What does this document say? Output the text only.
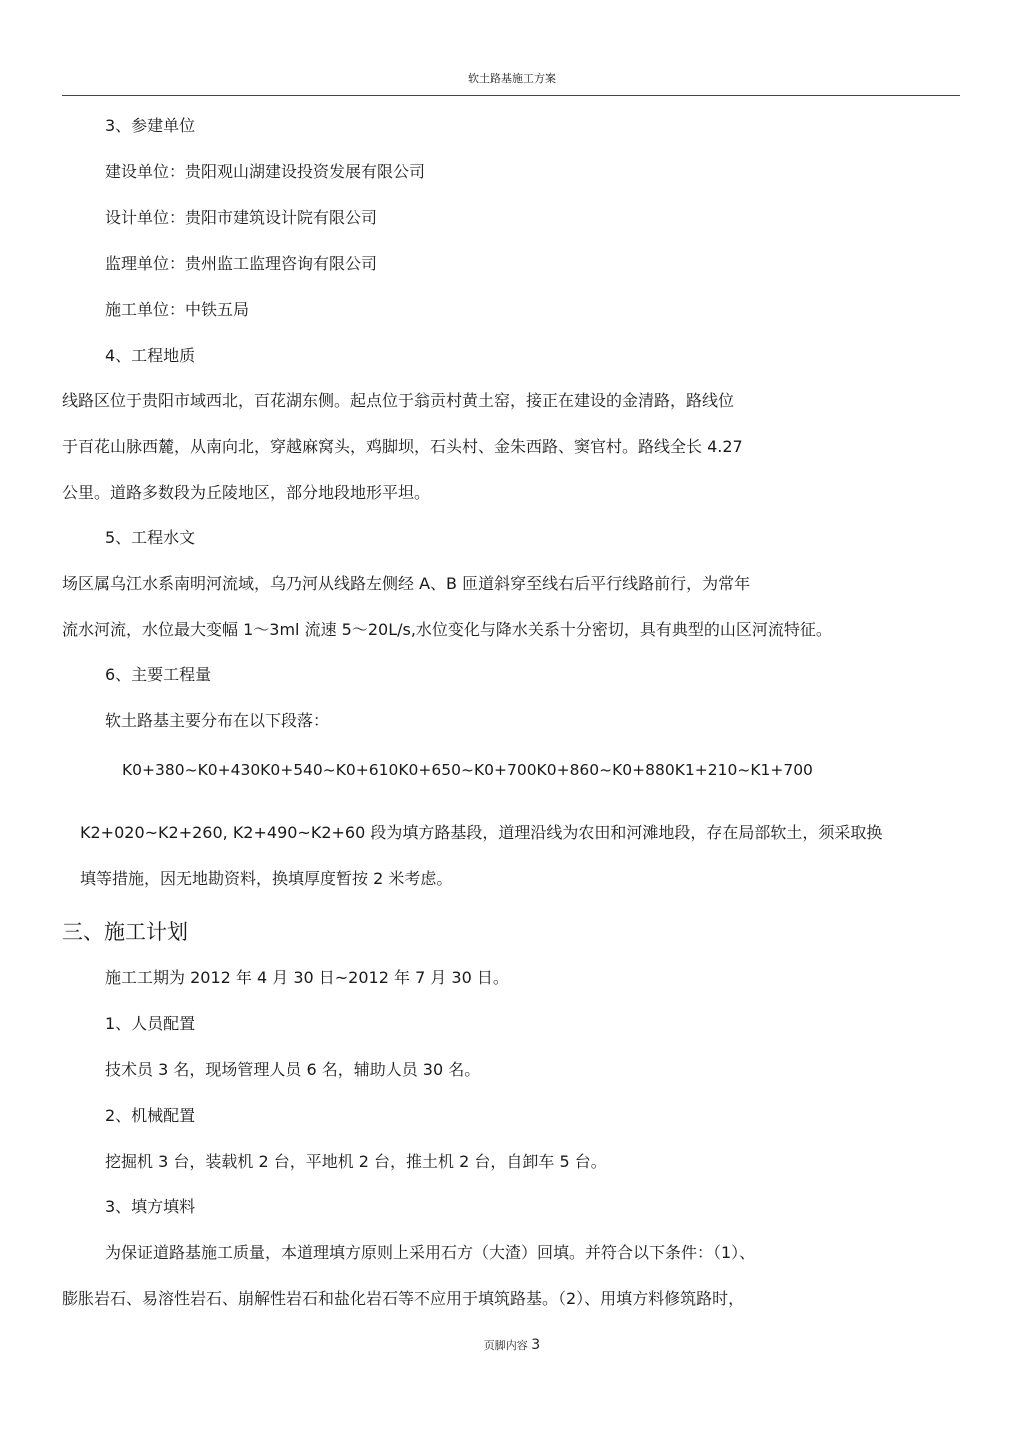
软土路基施工方案
3、参建单位
建设单位：贵阳观山湖建设投资发展有限公司
设计单位：贵阳市建筑设计院有限公司
监理单位：贵州监工监理咨询有限公司
施工单位：中铁五局
4、工程地质
线路区位于贵阳市域西北，百花湖东侧。起点位于翁贡村黄土窑，接正在建设的金清路，路线位
于百花山脉西麓，从南向北，穿越麻窝头，鸡脚坝，石头村、金朱西路、窦官村。路线全长 4.27
公里。道路多数段为丘陵地区，部分地段地形平坦。
5、工程水文
场区属乌江水系南明河流域，乌乃河从线路左侧经 A、B 匝道斜穿至线右后平行线路前行，为常年
流水河流，水位最大变幅 1～3ml 流速 5～20L/s,水位变化与降水关系十分密切，具有典型的山区河流特征。
6、主要工程量
软土路基主要分布在以下段落：
K0+380~K0+430K0+540~K0+610K0+650~K0+700K0+860~K0+880K1+210~K1+700
K2+020~K2+260, K2+490~K2+60 段为填方路基段，道理沿线为农田和河滩地段，存在局部软土，须采取换
填等措施，因无地勘资料，换填厚度暂按 2 米考虑。
三、施工计划
施工工期为 2012 年 4 月 30 日~2012 年 7 月 30 日。
1、人员配置
技术员 3 名，现场管理人员 6 名，辅助人员 30 名。
2、机械配置
挖掘机 3 台，装载机 2 台，平地机 2 台，推土机 2 台，自卸车 5 台。
3、填方填料
为保证道路基施工质量，本道理填方原则上采用石方（大渣）回填。并符合以下条件：（1）、
膨胀岩石、易溶性岩石、崩解性岩石和盐化岩石等不应用于填筑路基。（2）、用填方料修筑路时，
页脚内容 3
